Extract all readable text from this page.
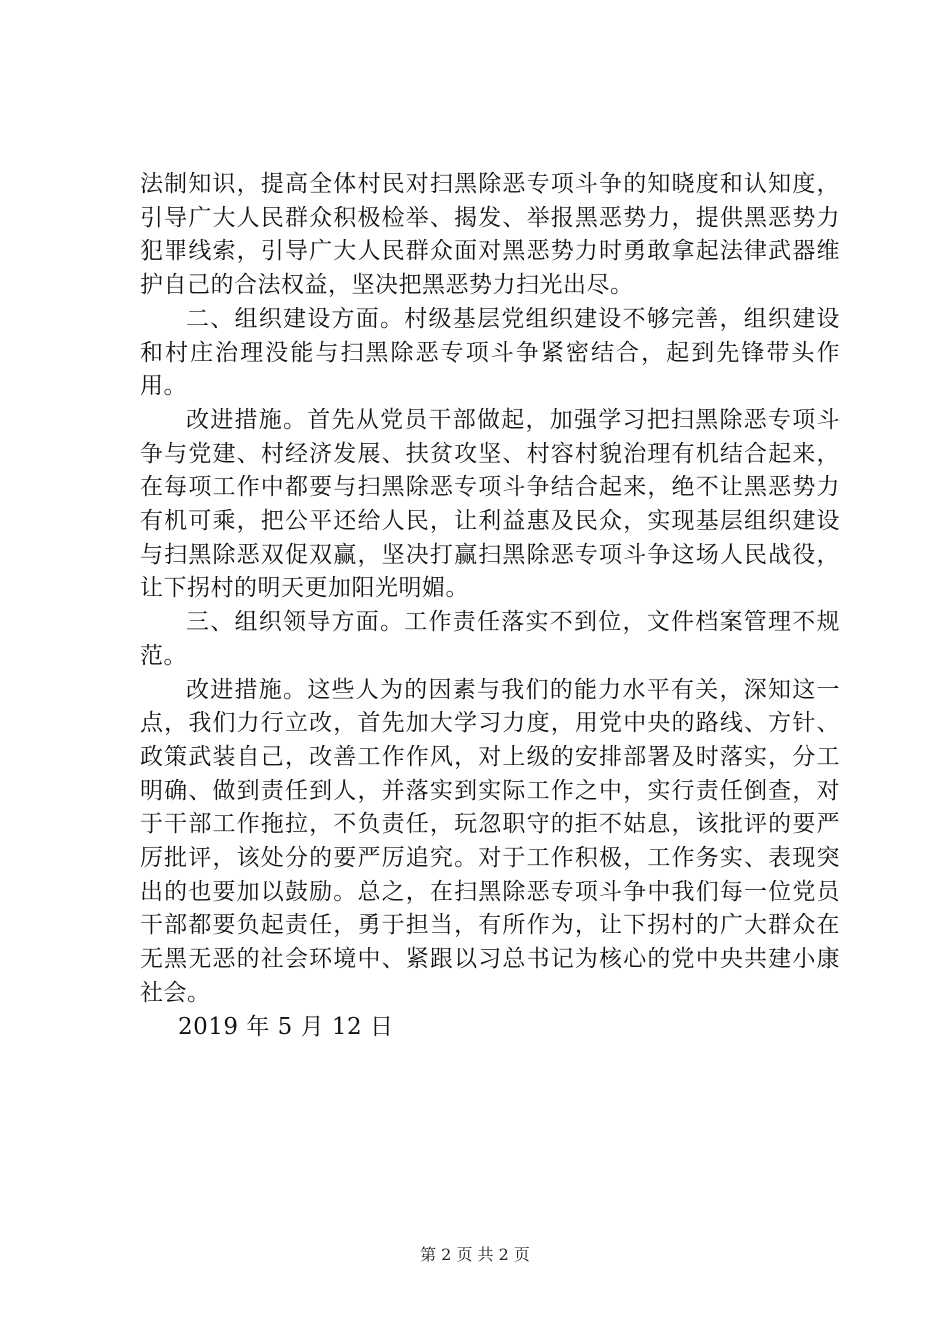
法制知识，提高全体村民对扫黑除恶专项斗争的知晓度和认知度，引导广大人民群众积极检举、揭发、举报黑恶势力，提供黑恶势力犯罪线索，引导广大人民群众面对黑恶势力时勇敢拿起法律武器维护自己的合法权益，坚决把黑恶势力扫光出尽。

二、组织建设方面。村级基层党组织建设不够完善，组织建设和村庄治理没能与扫黑除恶专项斗争紧密结合，起到先锋带头作用。

改进措施。首先从党员干部做起，加强学习把扫黑除恶专项斗争与党建、村经济发展、扶贫攻坚、村容村貌治理有机结合起来，在每项工作中都要与扫黑除恶专项斗争结合起来，绝不让黑恶势力有机可乘，把公平还给人民，让利益惠及民众，实现基层组织建设与扫黑除恶双促双赢，坚决打赢扫黑除恶专项斗争这场人民战役，让下拐村的明天更加阳光明媚。

三、组织领导方面。工作责任落实不到位，文件档案管理不规范。

改进措施。这些人为的因素与我们的能力水平有关，深知这一点，我们力行立改，首先加大学习力度，用党中央的路线、方针、政策武装自己，改善工作作风，对上级的安排部署及时落实，分工明确、做到责任到人，并落实到实际工作之中，实行责任倒查，对于干部工作拖拉，不负责任，玩忽职守的拒不姑息，该批评的要严厉批评，该处分的要严厉追究。对于工作积极，工作务实、表现突出的也要加以鼓励。总之，在扫黑除恶专项斗争中我们每一位党员干部都要负起责任，勇于担当，有所作为，让下拐村的广大群众在无黑无恶的社会环境中、紧跟以习总书记为核心的党中央共建小康社会。

2019 年 5 月 12 日

第 2 页 共 2 页
